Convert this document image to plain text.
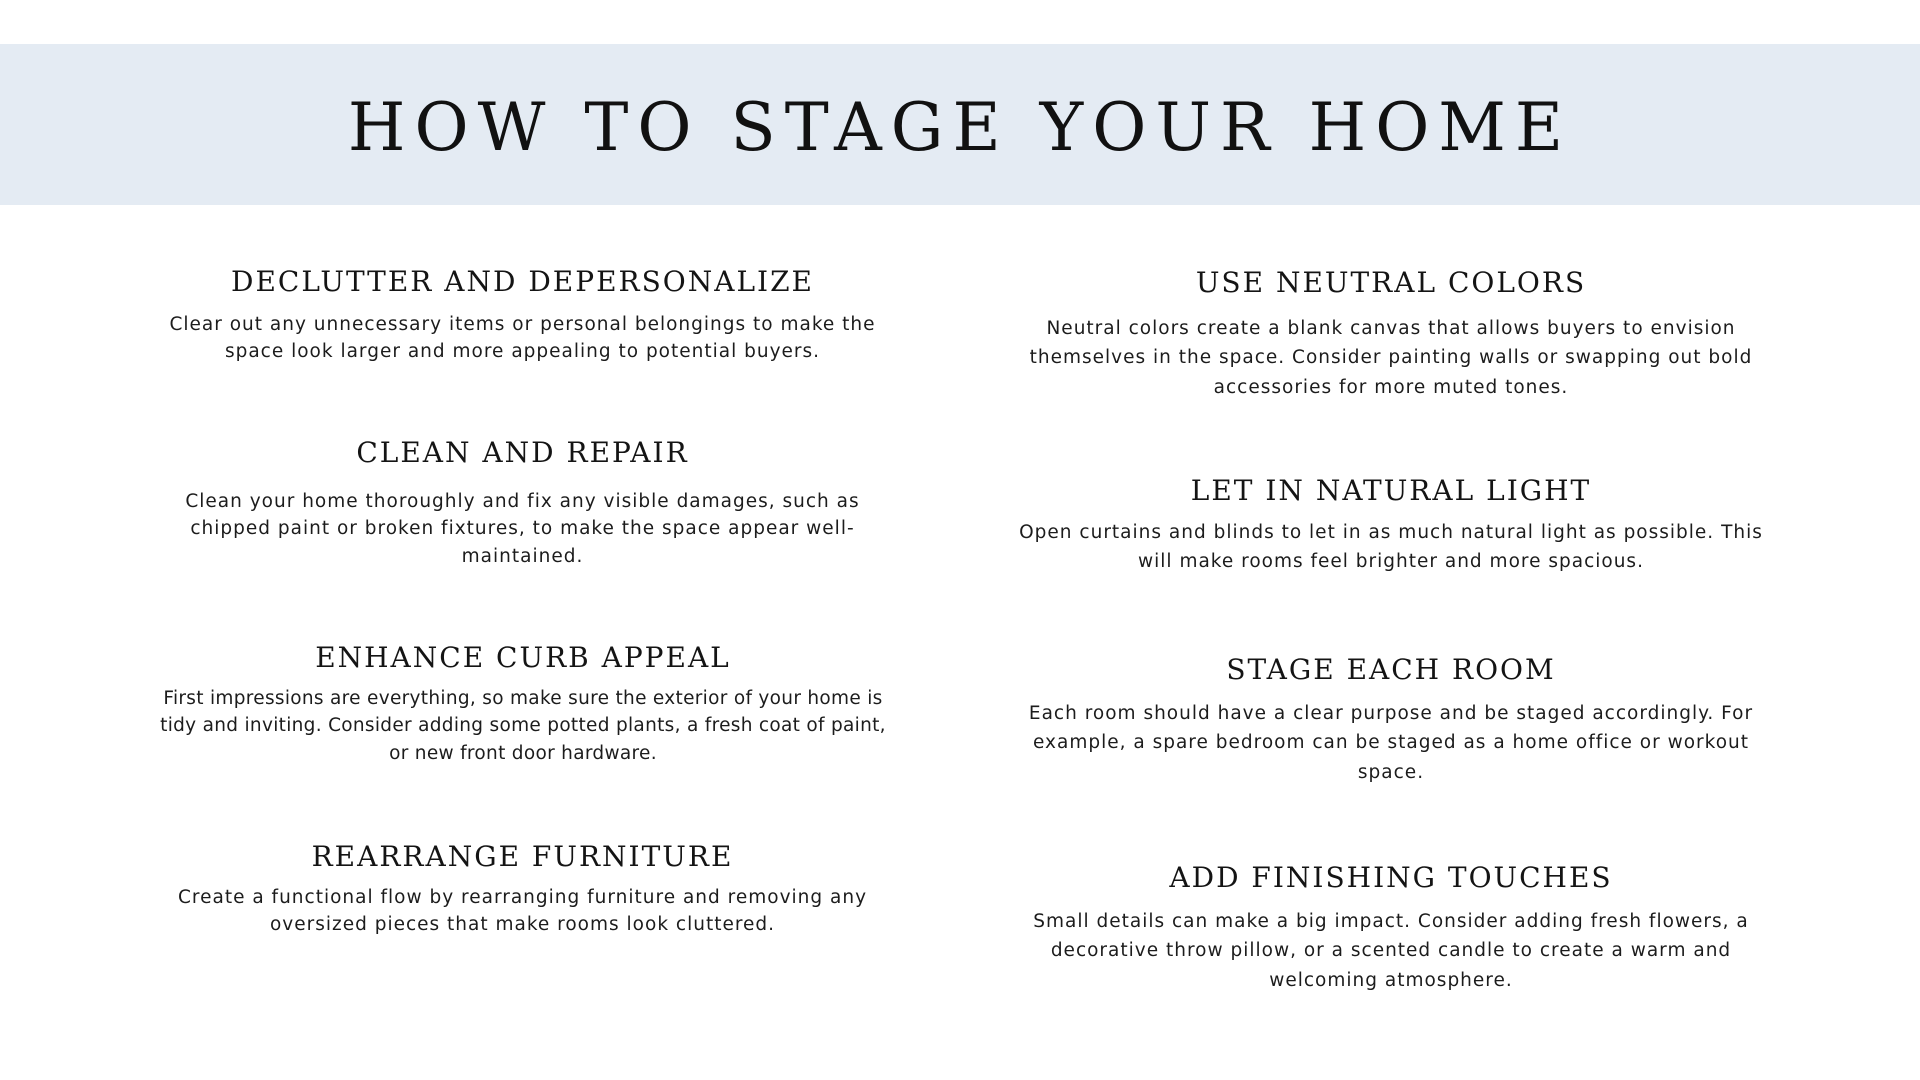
HOW TO STAGE YOUR HOME
DECLUTTER AND DEPERSONALIZE

Clear out any unnecessary items or personal belongings to make the space look larger and more appealing to potential buyers.

CLEAN AND REPAIR

Clean your home thoroughly and fix any visible damages, such as chipped paint or broken fixtures, to make the space appear well-maintained.

ENHANCE CURB APPEAL

First impressions are everything, so make sure the exterior of your home is tidy and inviting. Consider adding some potted plants, a fresh coat of paint, or new front door hardware.

REARRANGE FURNITURE

Create a functional flow by rearranging furniture and removing any oversized pieces that make rooms look cluttered.

USE NEUTRAL COLORS

Neutral colors create a blank canvas that allows buyers to envision themselves in the space. Consider painting walls or swapping out bold accessories for more muted tones.

LET IN NATURAL LIGHT

Open curtains and blinds to let in as much natural light as possible. This will make rooms feel brighter and more spacious.

STAGE EACH ROOM

Each room should have a clear purpose and be staged accordingly. For example, a spare bedroom can be staged as a home office or workout space.

ADD FINISHING TOUCHES

Small details can make a big impact. Consider adding fresh flowers, a decorative throw pillow, or a scented candle to create a warm and welcoming atmosphere.
